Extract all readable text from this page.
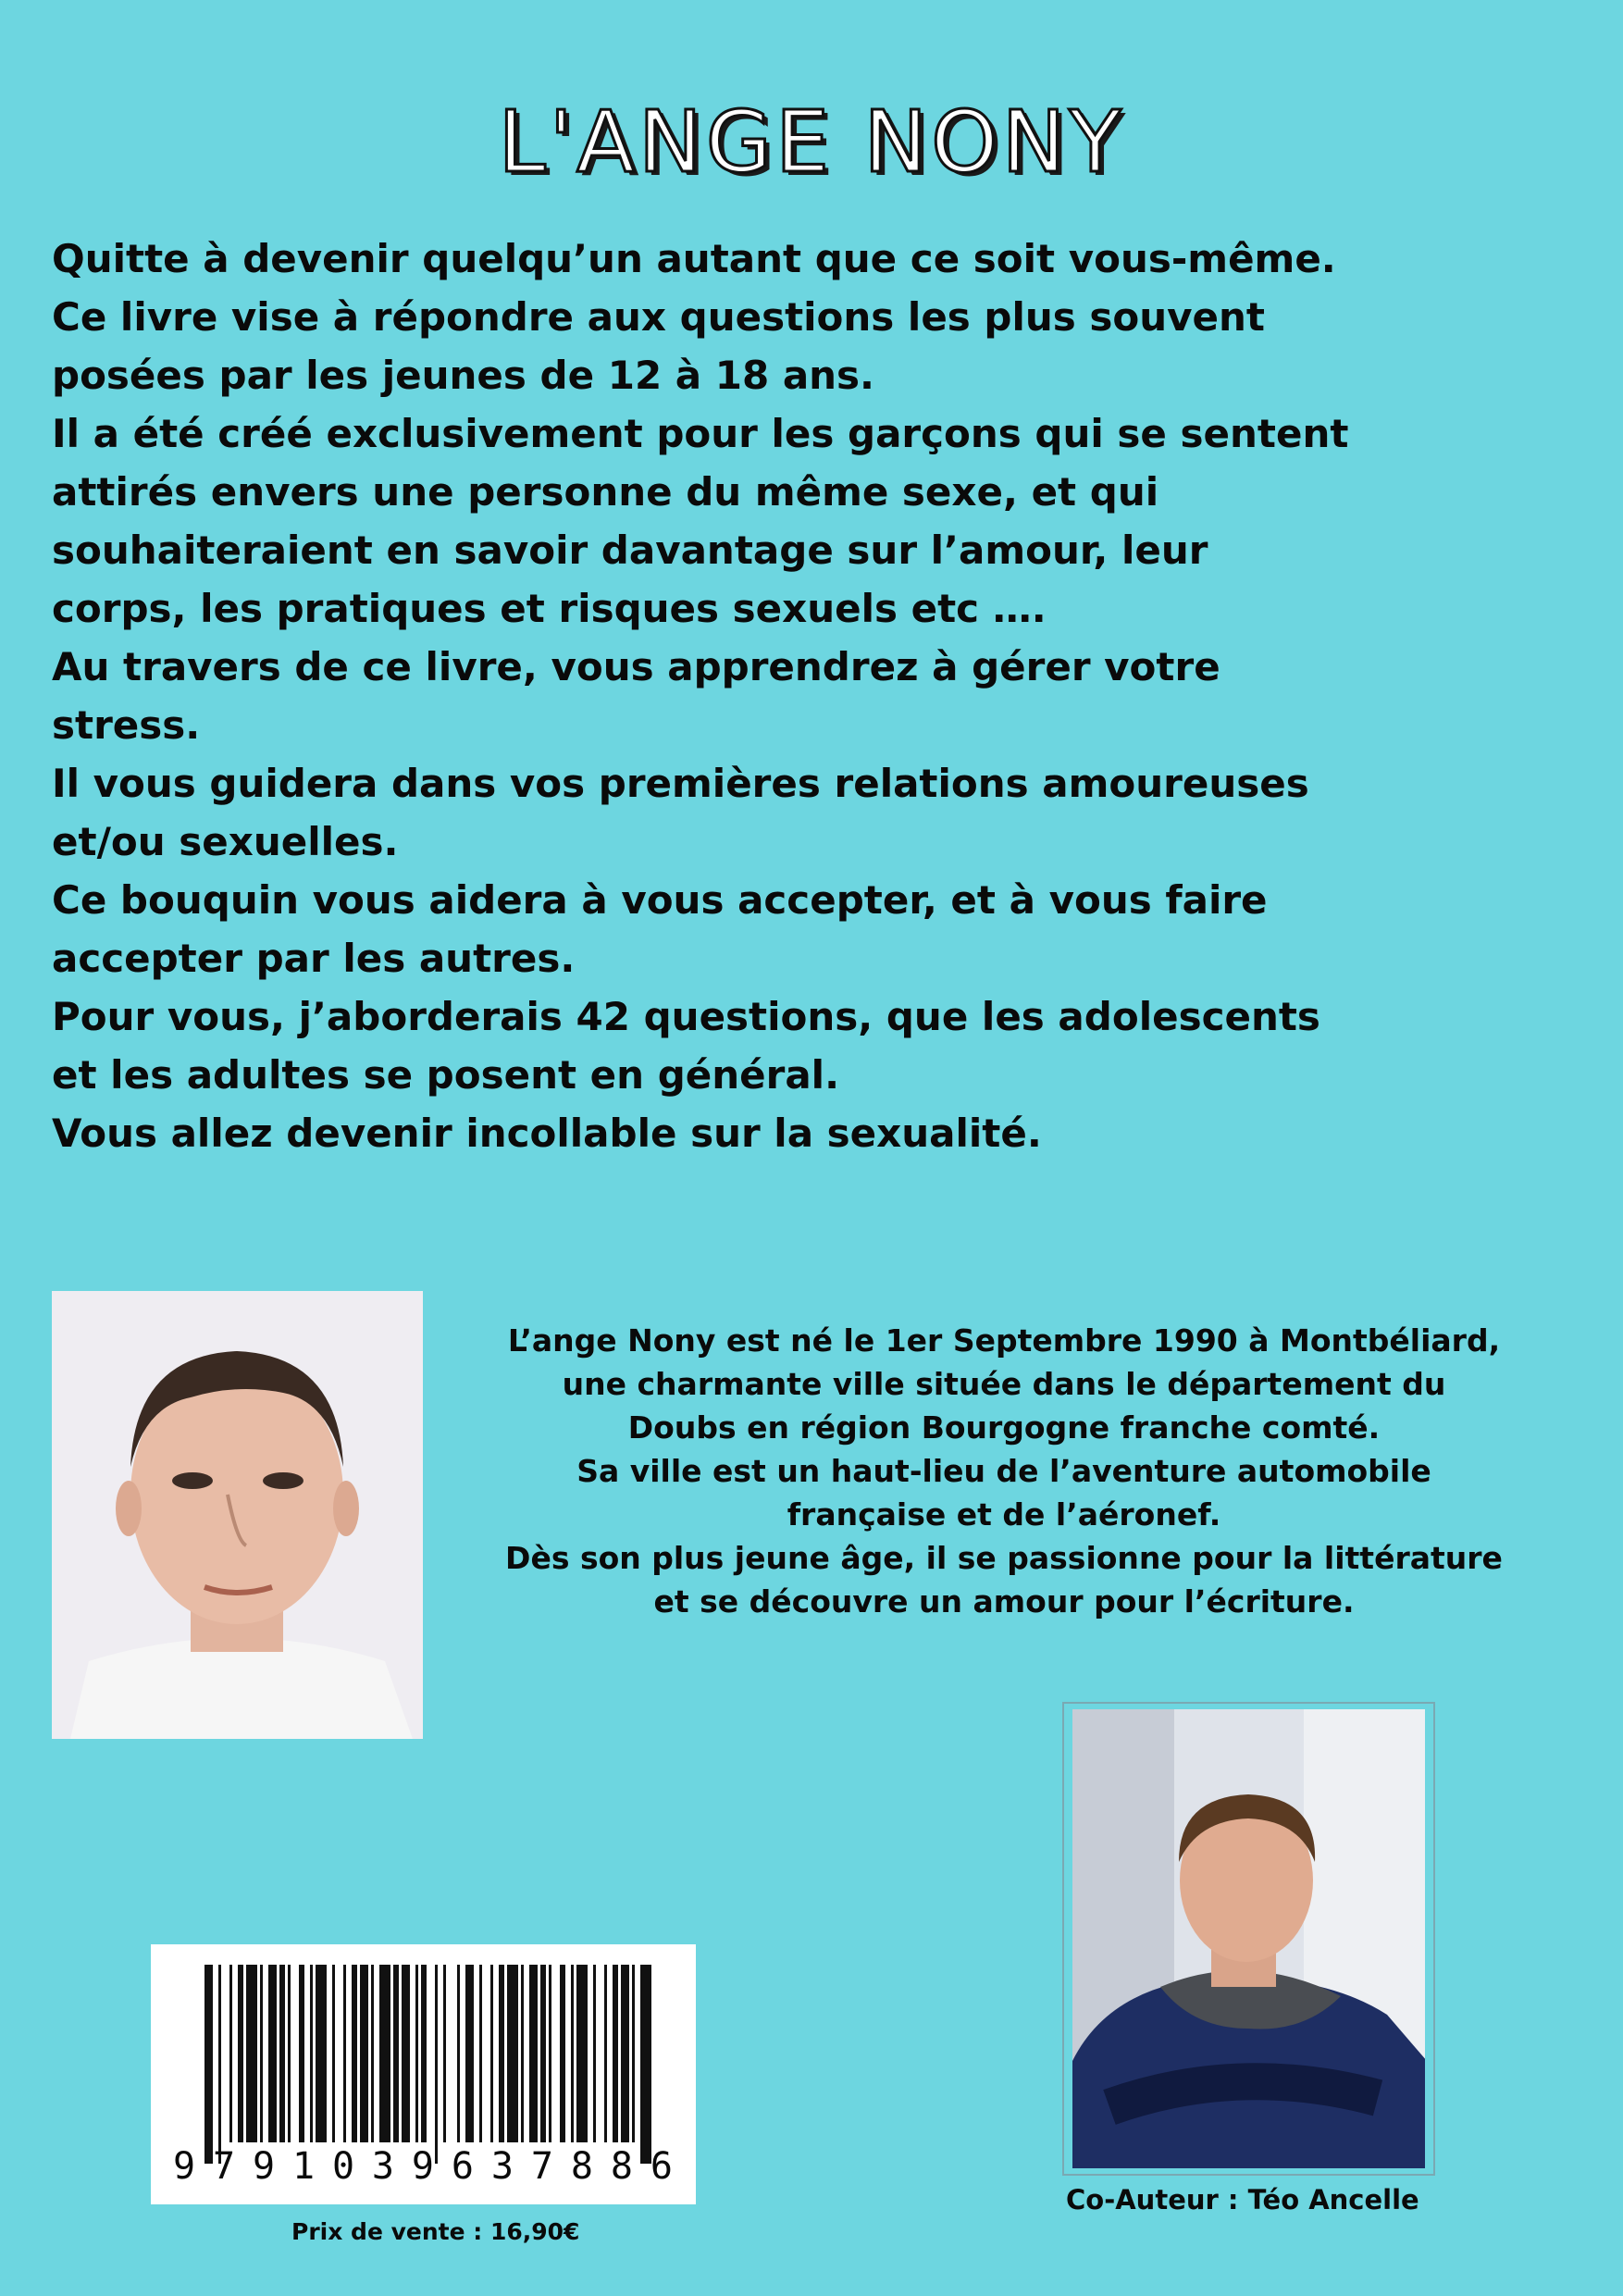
L'ANGE NONY

Quitte à devenir quelqu’un autant que ce soit vous-même.

Ce livre vise à répondre aux questions les plus souvent

posées par les jeunes de 12 à 18 ans.

Il a été créé exclusivement pour les garçons qui se sentent

attirés envers une personne du même sexe, et qui

souhaiteraient en savoir davantage sur l’amour, leur

corps, les pratiques et risques sexuels etc ….

Au travers de ce livre, vous apprendrez à gérer votre

stress.

Il vous guidera dans vos premières relations amoureuses

et/ou sexuelles.

Ce bouquin vous aidera à vous accepter, et à vous faire

accepter par les autres.

Pour vous, j’aborderais 42 questions, que les adolescents

et les adultes se posent en général.

Vous allez devenir incollable sur la sexualité.

L’ange Nony est né le 1er Septembre 1990 à Montbéliard,

une charmante ville située dans le département du

Doubs en région Bourgogne franche comté.

Sa ville est un haut-lieu de l’aventure automobile

française et de l’aéronef.

Dès son plus jeune âge, il se passionne pour la littérature

et se découvre un amour pour l’écriture.

9 7 9 1 0 3 9 6 3 7 8 8 6
Prix de vente : 16,90€
Co-Auteur : Téo Ancelle
